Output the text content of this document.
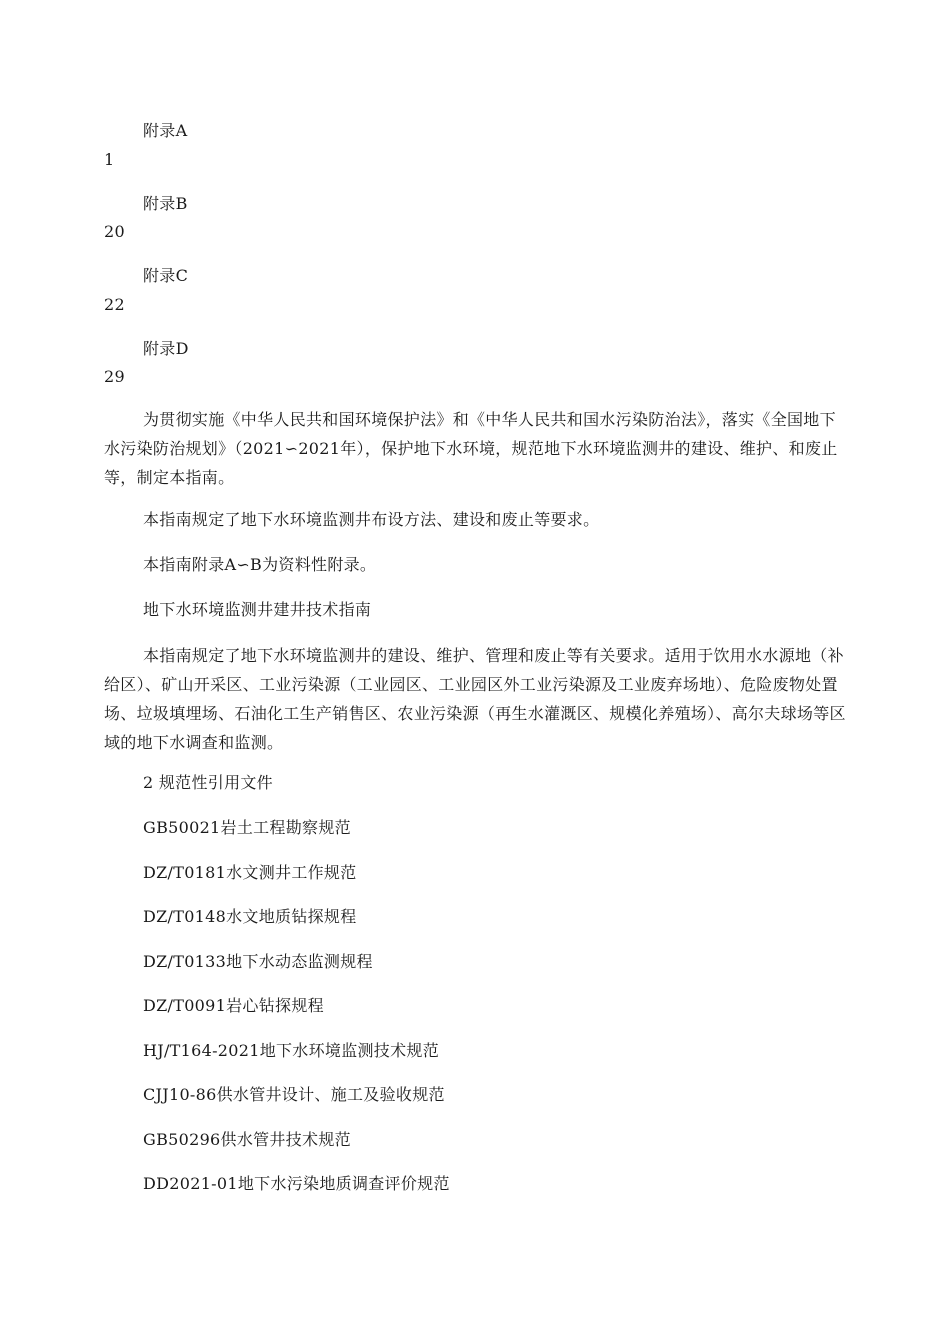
附录A
1
附录B
20
附录C
22
附录D
29

为贯彻实施《中华人民共和国环境保护法》和《中华人民共和国水污染防治法》，落实《全国地下水污染防治规划》（2021∽2021年），保护地下水环境，规范地下水环境监测井的建设、维护、和废止等，制定本指南。

本指南规定了地下水环境监测井布设方法、建设和废止等要求。
本指南附录A∽B为资料性附录。
地下水环境监测井建井技术指南

本指南规定了地下水环境监测井的建设、维护、管理和废止等有关要求。适用于饮用水水源地（补给区）、矿山开采区、工业污染源（工业园区、工业园区外工业污染源及工业废弃场地）、危险废物处置场、垃圾填埋场、石油化工生产销售区、农业污染源（再生水灌溉区、规模化养殖场）、高尔夫球场等区域的地下水调查和监测。

2 规范性引用文件
GB50021岩土工程勘察规范
DZ/T0181水文测井工作规范
DZ/T0148水文地质钻探规程
DZ/T0133地下水动态监测规程
DZ/T0091岩心钻探规程
HJ/T164-2021地下水环境监测技术规范
CJJ10-86供水管井设计、施工及验收规范
GB50296供水管井技术规范
DD2021-01地下水污染地质调查评价规范
